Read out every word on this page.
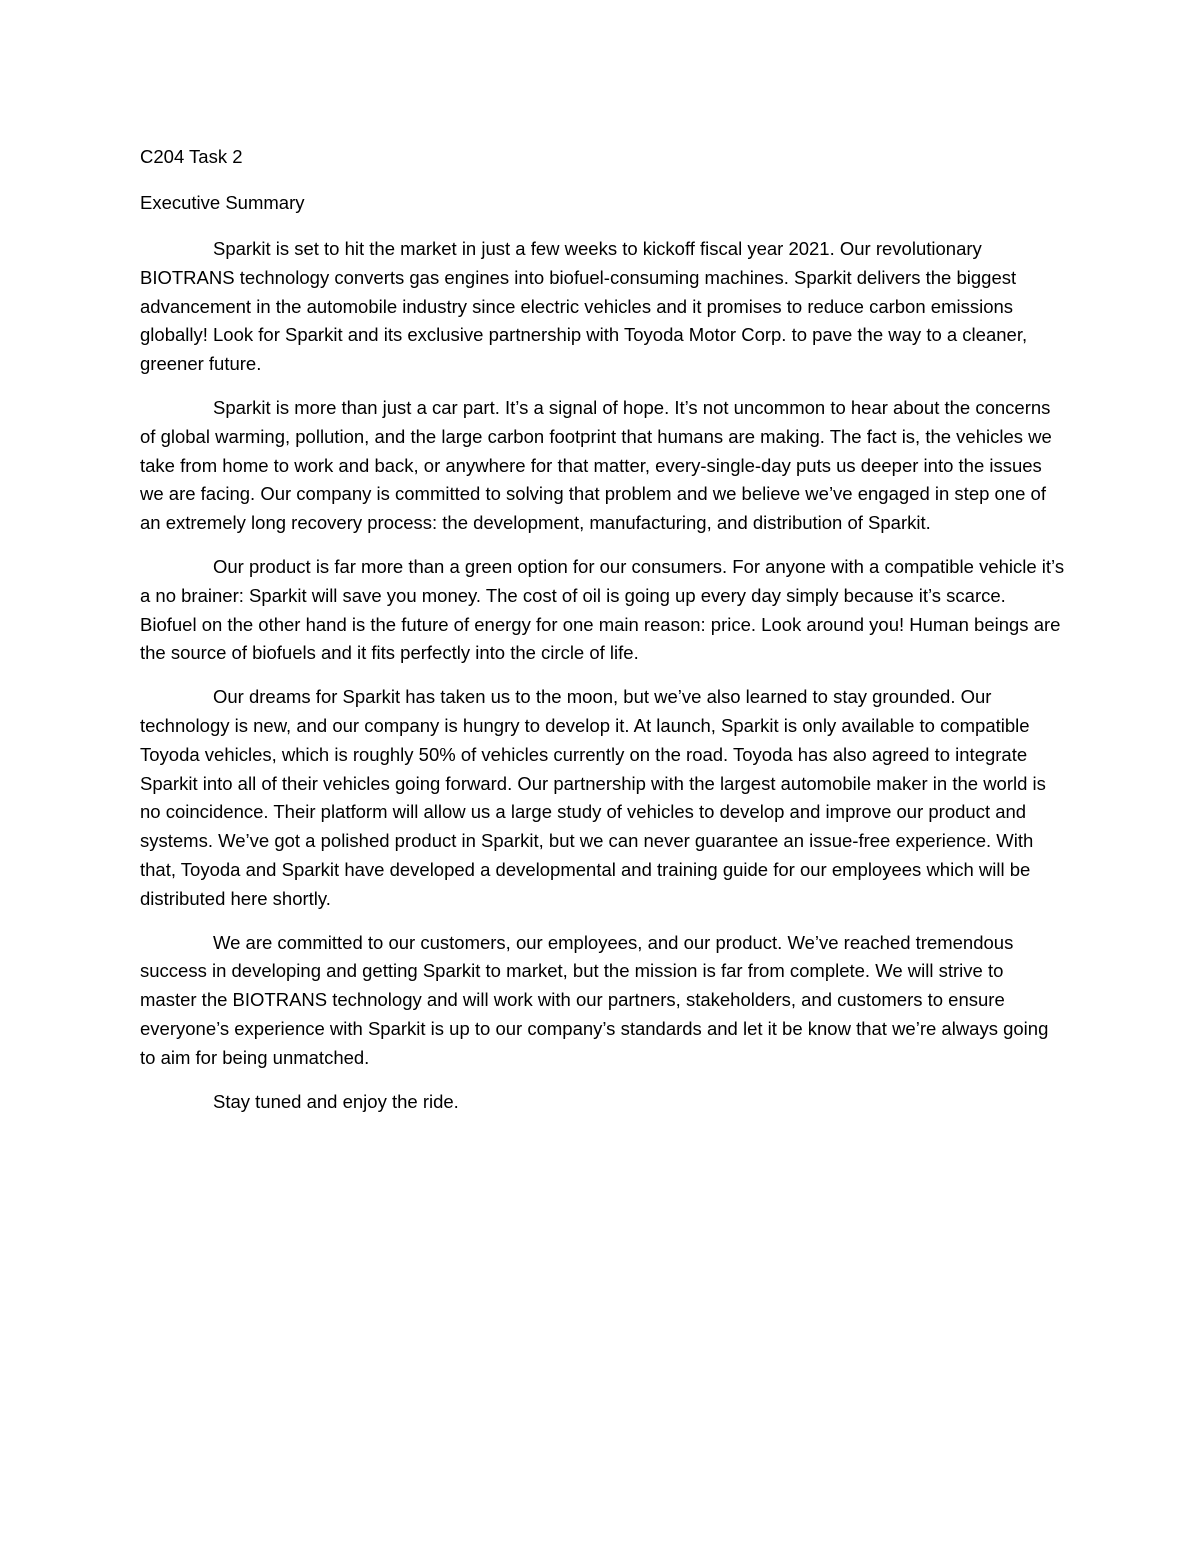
C204 Task 2
Executive Summary

Sparkit is set to hit the market in just a few weeks to kickoff fiscal year 2021. Our revolutionary BIOTRANS technology converts gas engines into biofuel-consuming machines. Sparkit delivers the biggest advancement in the automobile industry since electric vehicles and it promises to reduce carbon emissions globally! Look for Sparkit and its exclusive partnership with Toyoda Motor Corp. to pave the way to a cleaner, greener future.

Sparkit is more than just a car part. It’s a signal of hope. It’s not uncommon to hear about the concerns of global warming, pollution, and the large carbon footprint that humans are making. The fact is, the vehicles we take from home to work and back, or anywhere for that matter, every-single-day puts us deeper into the issues we are facing. Our company is committed to solving that problem and we believe we’ve engaged in step one of an extremely long recovery process: the development, manufacturing, and distribution of Sparkit.

Our product is far more than a green option for our consumers. For anyone with a compatible vehicle it’s a no brainer: Sparkit will save you money. The cost of oil is going up every day simply because it’s scarce. Biofuel on the other hand is the future of energy for one main reason: price. Look around you! Human beings are the source of biofuels and it fits perfectly into the circle of life.

Our dreams for Sparkit has taken us to the moon, but we’ve also learned to stay grounded. Our technology is new, and our company is hungry to develop it. At launch, Sparkit is only available to compatible Toyoda vehicles, which is roughly 50% of vehicles currently on the road. Toyoda has also agreed to integrate Sparkit into all of their vehicles going forward. Our partnership with the largest automobile maker in the world is no coincidence. Their platform will allow us a large study of vehicles to develop and improve our product and systems. We’ve got a polished product in Sparkit, but we can never guarantee an issue-free experience. With that, Toyoda and Sparkit have developed a developmental and training guide for our employees which will be distributed here shortly.

We are committed to our customers, our employees, and our product. We’ve reached tremendous success in developing and getting Sparkit to market, but the mission is far from complete. We will strive to master the BIOTRANS technology and will work with our partners, stakeholders, and customers to ensure everyone’s experience with Sparkit is up to our company’s standards and let it be know that we’re always going to aim for being unmatched.

Stay tuned and enjoy the ride.
